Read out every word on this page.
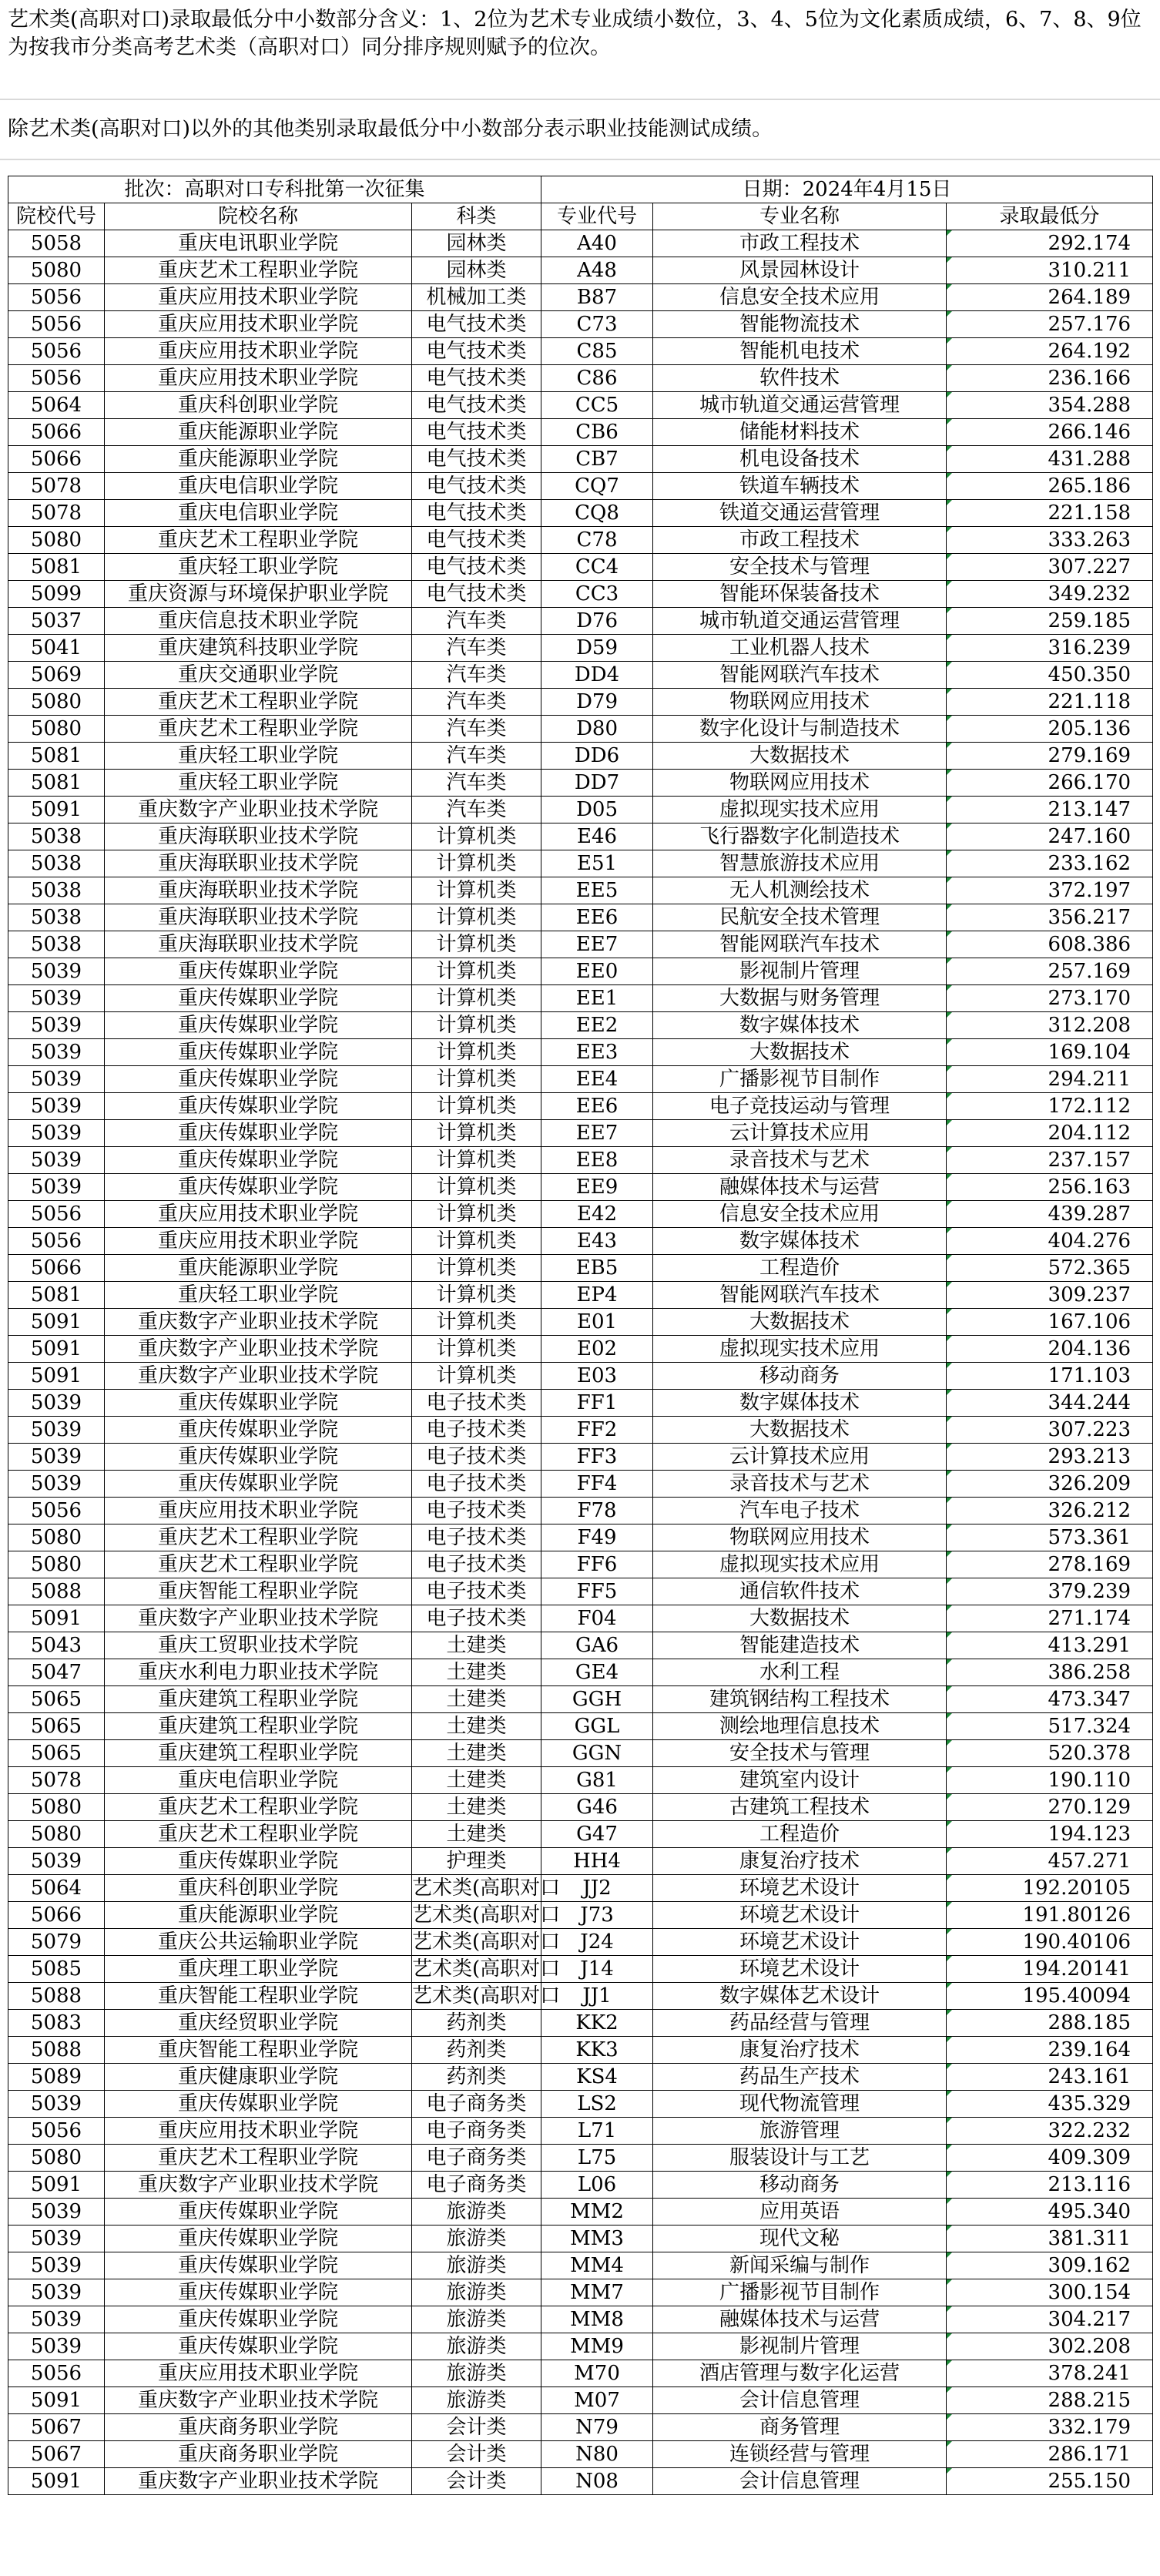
艺术类(高职对口)录取最低分中小数部分含义：1、2位为艺术专业成绩小数位，3、4、5位为文化素质成绩，6、7、8、9位为按我市分类高考艺术类（高职对口）同分排序规则赋予的位次。
除艺术类(高职对口)以外的其他类别录取最低分中小数部分表示职业技能测试成绩。
批次：高职对口专科批第一次征集			日期：2024年4月15日		
院校代号	院校名称	科类	专业代号	专业名称	录取最低分
5058	重庆电讯职业学院	园林类	A40	市政工程技术	292.174
5080	重庆艺术工程职业学院	园林类	A48	风景园林设计	310.211
5056	重庆应用技术职业学院	机械加工类	B87	信息安全技术应用	264.189
5056	重庆应用技术职业学院	电气技术类	C73	智能物流技术	257.176
5056	重庆应用技术职业学院	电气技术类	C85	智能机电技术	264.192
5056	重庆应用技术职业学院	电气技术类	C86	软件技术	236.166
5064	重庆科创职业学院	电气技术类	CC5	城市轨道交通运营管理	354.288
5066	重庆能源职业学院	电气技术类	CB6	储能材料技术	266.146
5066	重庆能源职业学院	电气技术类	CB7	机电设备技术	431.288
5078	重庆电信职业学院	电气技术类	CQ7	铁道车辆技术	265.186
5078	重庆电信职业学院	电气技术类	CQ8	铁道交通运营管理	221.158
5080	重庆艺术工程职业学院	电气技术类	C78	市政工程技术	333.263
5081	重庆轻工职业学院	电气技术类	CC4	安全技术与管理	307.227
5099	重庆资源与环境保护职业学院	电气技术类	CC3	智能环保装备技术	349.232
5037	重庆信息技术职业学院	汽车类	D76	城市轨道交通运营管理	259.185
5041	重庆建筑科技职业学院	汽车类	D59	工业机器人技术	316.239
5069	重庆交通职业学院	汽车类	DD4	智能网联汽车技术	450.350
5080	重庆艺术工程职业学院	汽车类	D79	物联网应用技术	221.118
5080	重庆艺术工程职业学院	汽车类	D80	数字化设计与制造技术	205.136
5081	重庆轻工职业学院	汽车类	DD6	大数据技术	279.169
5081	重庆轻工职业学院	汽车类	DD7	物联网应用技术	266.170
5091	重庆数字产业职业技术学院	汽车类	D05	虚拟现实技术应用	213.147
5038	重庆海联职业技术学院	计算机类	E46	飞行器数字化制造技术	247.160
5038	重庆海联职业技术学院	计算机类	E51	智慧旅游技术应用	233.162
5038	重庆海联职业技术学院	计算机类	EE5	无人机测绘技术	372.197
5038	重庆海联职业技术学院	计算机类	EE6	民航安全技术管理	356.217
5038	重庆海联职业技术学院	计算机类	EE7	智能网联汽车技术	608.386
5039	重庆传媒职业学院	计算机类	EE0	影视制片管理	257.169
5039	重庆传媒职业学院	计算机类	EE1	大数据与财务管理	273.170
5039	重庆传媒职业学院	计算机类	EE2	数字媒体技术	312.208
5039	重庆传媒职业学院	计算机类	EE3	大数据技术	169.104
5039	重庆传媒职业学院	计算机类	EE4	广播影视节目制作	294.211
5039	重庆传媒职业学院	计算机类	EE6	电子竞技运动与管理	172.112
5039	重庆传媒职业学院	计算机类	EE7	云计算技术应用	204.112
5039	重庆传媒职业学院	计算机类	EE8	录音技术与艺术	237.157
5039	重庆传媒职业学院	计算机类	EE9	融媒体技术与运营	256.163
5056	重庆应用技术职业学院	计算机类	E42	信息安全技术应用	439.287
5056	重庆应用技术职业学院	计算机类	E43	数字媒体技术	404.276
5066	重庆能源职业学院	计算机类	EB5	工程造价	572.365
5081	重庆轻工职业学院	计算机类	EP4	智能网联汽车技术	309.237
5091	重庆数字产业职业技术学院	计算机类	E01	大数据技术	167.106
5091	重庆数字产业职业技术学院	计算机类	E02	虚拟现实技术应用	204.136
5091	重庆数字产业职业技术学院	计算机类	E03	移动商务	171.103
5039	重庆传媒职业学院	电子技术类	FF1	数字媒体技术	344.244
5039	重庆传媒职业学院	电子技术类	FF2	大数据技术	307.223
5039	重庆传媒职业学院	电子技术类	FF3	云计算技术应用	293.213
5039	重庆传媒职业学院	电子技术类	FF4	录音技术与艺术	326.209
5056	重庆应用技术职业学院	电子技术类	F78	汽车电子技术	326.212
5080	重庆艺术工程职业学院	电子技术类	F49	物联网应用技术	573.361
5080	重庆艺术工程职业学院	电子技术类	FF6	虚拟现实技术应用	278.169
5088	重庆智能工程职业学院	电子技术类	FF5	通信软件技术	379.239
5091	重庆数字产业职业技术学院	电子技术类	F04	大数据技术	271.174
5043	重庆工贸职业技术学院	土建类	GA6	智能建造技术	413.291
5047	重庆水利电力职业技术学院	土建类	GE4	水利工程	386.258
5065	重庆建筑工程职业学院	土建类	GGH	建筑钢结构工程技术	473.347
5065	重庆建筑工程职业学院	土建类	GGL	测绘地理信息技术	517.324
5065	重庆建筑工程职业学院	土建类	GGN	安全技术与管理	520.378
5078	重庆电信职业学院	土建类	G81	建筑室内设计	190.110
5080	重庆艺术工程职业学院	土建类	G46	古建筑工程技术	270.129
5080	重庆艺术工程职业学院	土建类	G47	工程造价	194.123
5039	重庆传媒职业学院	护理类	HH4	康复治疗技术	457.271
5064	重庆科创职业学院	艺术类(高职对口	JJ2	环境艺术设计	192.20105
5066	重庆能源职业学院	艺术类(高职对口	J73	环境艺术设计	191.80126
5079	重庆公共运输职业学院	艺术类(高职对口	J24	环境艺术设计	190.40106
5085	重庆理工职业学院	艺术类(高职对口	J14	环境艺术设计	194.20141
5088	重庆智能工程职业学院	艺术类(高职对口	JJ1	数字媒体艺术设计	195.40094
5083	重庆经贸职业学院	药剂类	KK2	药品经营与管理	288.185
5088	重庆智能工程职业学院	药剂类	KK3	康复治疗技术	239.164
5089	重庆健康职业学院	药剂类	KS4	药品生产技术	243.161
5039	重庆传媒职业学院	电子商务类	LS2	现代物流管理	435.329
5056	重庆应用技术职业学院	电子商务类	L71	旅游管理	322.232
5080	重庆艺术工程职业学院	电子商务类	L75	服装设计与工艺	409.309
5091	重庆数字产业职业技术学院	电子商务类	L06	移动商务	213.116
5039	重庆传媒职业学院	旅游类	MM2	应用英语	495.340
5039	重庆传媒职业学院	旅游类	MM3	现代文秘	381.311
5039	重庆传媒职业学院	旅游类	MM4	新闻采编与制作	309.162
5039	重庆传媒职业学院	旅游类	MM7	广播影视节目制作	300.154
5039	重庆传媒职业学院	旅游类	MM8	融媒体技术与运营	304.217
5039	重庆传媒职业学院	旅游类	MM9	影视制片管理	302.208
5056	重庆应用技术职业学院	旅游类	M70	酒店管理与数字化运营	378.241
5091	重庆数字产业职业技术学院	旅游类	M07	会计信息管理	288.215
5067	重庆商务职业学院	会计类	N79	商务管理	332.179
5067	重庆商务职业学院	会计类	N80	连锁经营与管理	286.171
5091	重庆数字产业职业技术学院	会计类	N08	会计信息管理	255.150
